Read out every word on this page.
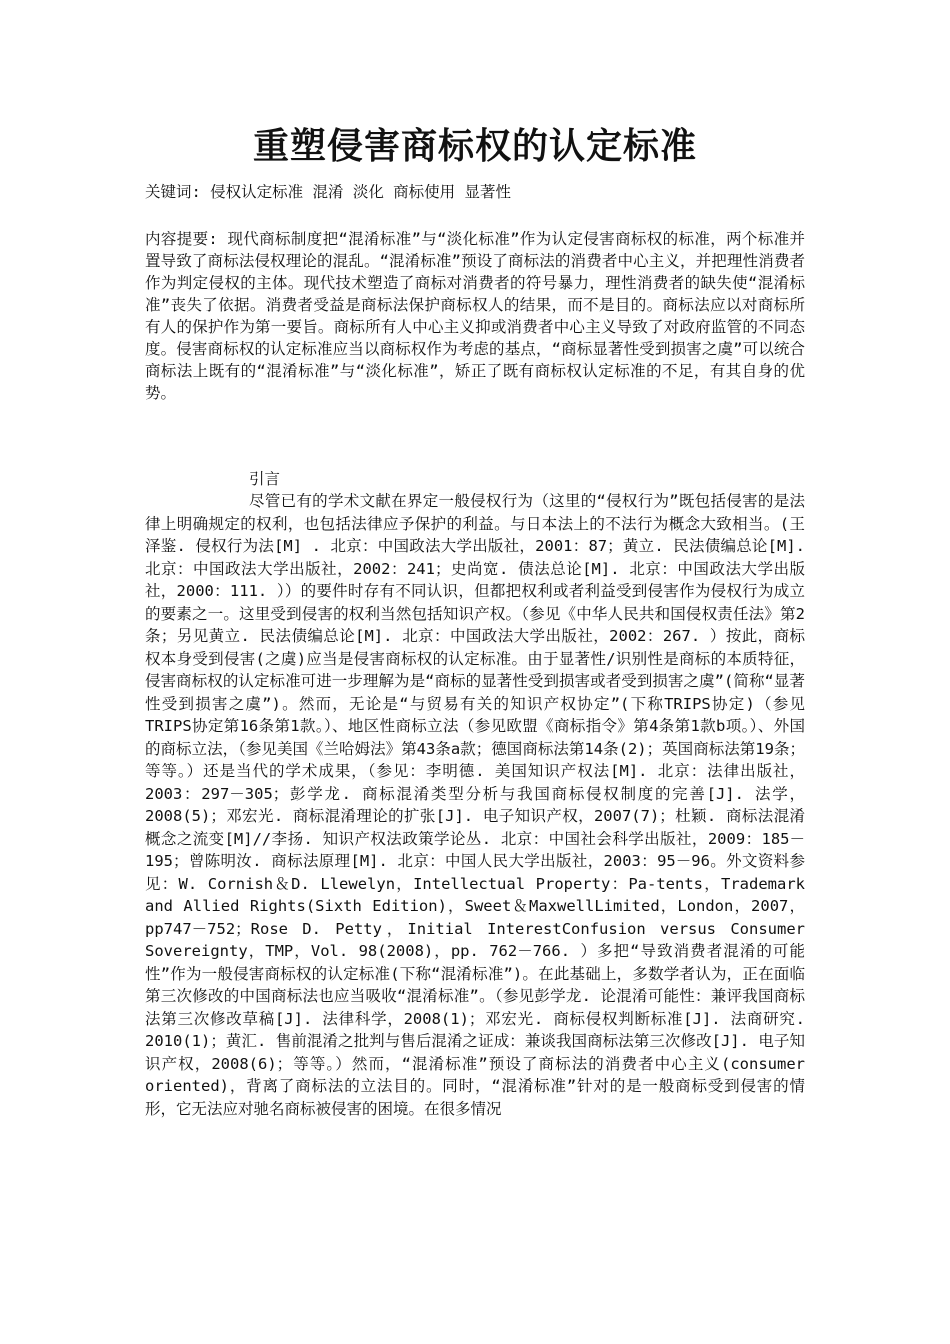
重塑侵害商标权的认定标准
关键词: 侵权认定标准 混淆 淡化 商标使用 显著性

内容提要: 现代商标制度把“混淆标准”与“淡化标准”作为认定侵害商标权的标准，两个标准并置导致了商标法侵权理论的混乱。“混淆标准”预设了商标法的消费者中心主义，并把理性消费者作为判定侵权的主体。现代技术塑造了商标对消费者的符号暴力，理性消费者的缺失使“混淆标准”丧失了依据。消费者受益是商标法保护商标权人的结果，而不是目的。商标法应以对商标所有人的保护作为第一要旨。商标所有人中心主义抑或消费者中心主义导致了对政府监管的不同态度。侵害商标权的认定标准应当以商标权作为考虑的基点，“商标显著性受到损害之虞”可以统合商标法上既有的“混淆标准”与“淡化标准”，矫正了既有商标权认定标准的不足，有其自身的优势。

引言

尽管已有的学术文献在界定一般侵权行为（这里的“侵权行为”既包括侵害的是法律上明确规定的权利，也包括法律应予保护的利益。与日本法上的不法行为概念大致相当。(王泽鉴. 侵权行为法[M] . 北京：中国政法大学出版社，2001：87；黄立. 民法债编总论[M]. 北京：中国政法大学出版社，2002：241；史尚宽. 债法总论[M]. 北京：中国政法大学出版社，2000：111. ））的要件时存有不同认识，但都把权利或者利益受到侵害作为侵权行为成立的要素之一。这里受到侵害的权利当然包括知识产权。（参见《中华人民共和国侵权责任法》第2条；另见黄立. 民法债编总论[M]. 北京：中国政法大学出版社，2002：267. ）按此，商标权本身受到侵害(之虞)应当是侵害商标权的认定标准。由于显著性/识别性是商标的本质特征，侵害商标权的认定标准可进一步理解为是“商标的显著性受到损害或者受到损害之虞”(简称“显著性受到损害之虞”)。然而，无论是“与贸易有关的知识产权协定”(下称TRIPS协定)（参见TRIPS协定第16条第1款。）、地区性商标立法（参见欧盟《商标指令》第4条第1款b项。）、外国的商标立法，（参见美国《兰哈姆法》第43条a款；德国商标法第14条(2)；英国商标法第19条；等等。）还是当代的学术成果，（参见：李明德. 美国知识产权法[M]. 北京：法律出版社，2003：297－305；彭学龙. 商标混淆类型分析与我国商标侵权制度的完善[J]. 法学，2008(5)；邓宏光. 商标混淆理论的扩张[J]. 电子知识产权，2007(7)；杜颖. 商标法混淆概念之流变[M]//李扬. 知识产权法政策学论丛. 北京：中国社会科学出版社，2009：185－195；曾陈明汝. 商标法原理[M]. 北京：中国人民大学出版社，2003：95－96。外文资料参见：W. Cornish＆D. Llewelyn，Intellectual Property：Pa-tents，Trademark and Allied Rights(Sixth Edition)，Sweet＆MaxwellLimited，London，2007，pp747－752；Rose D. Petty，Initial InterestConfusion versus Consumer Sovereignty，TMP，Vol. 98(2008)，pp. 762－766. ）多把“导致消费者混淆的可能性”作为一般侵害商标权的认定标准(下称“混淆标准”)。在此基础上，多数学者认为，正在面临第三次修改的中国商标法也应当吸收“混淆标准”。（参见彭学龙. 论混淆可能性：兼评我国商标法第三次修改草稿[J]. 法律科学，2008(1)；邓宏光. 商标侵权判断标准[J]. 法商研究. 2010(1)；黄汇. 售前混淆之批判与售后混淆之证成：兼谈我国商标法第三次修改[J]. 电子知识产权，2008(6)；等等。）然而，“混淆标准”预设了商标法的消费者中心主义(consumer oriented)，背离了商标法的立法目的。同时，“混淆标准”针对的是一般商标受到侵害的情形，它无法应对驰名商标被侵害的困境。在很多情况
